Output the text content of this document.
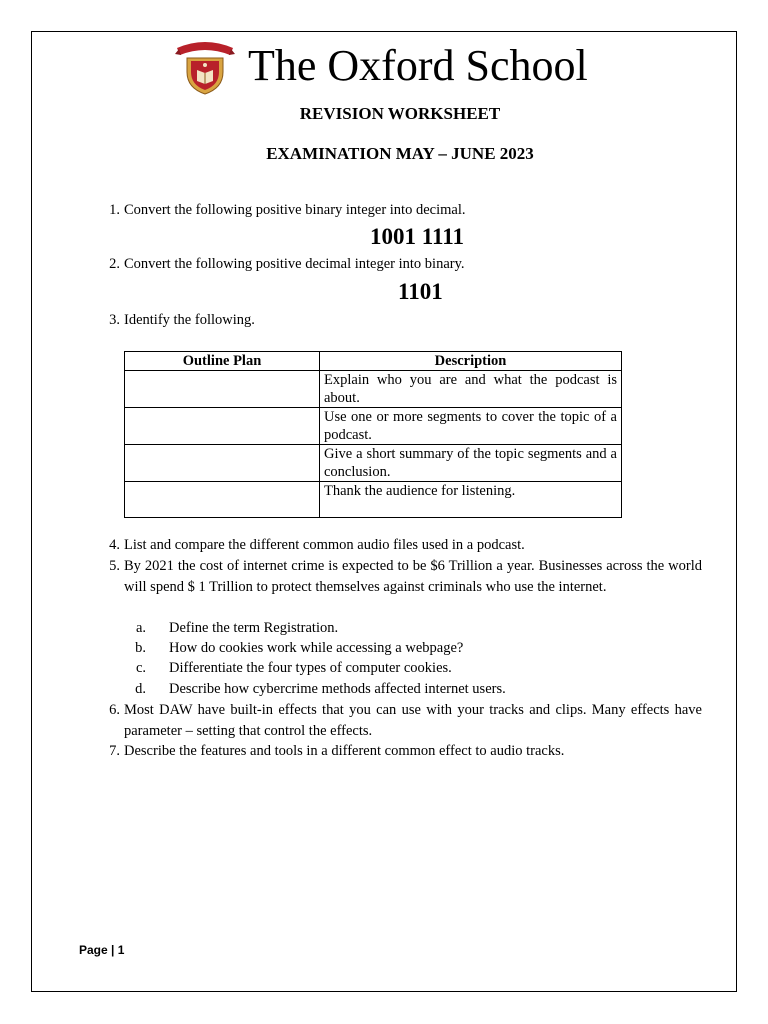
The Oxford School
REVISION WORKSHEET
EXAMINATION MAY – JUNE 2023
1. Convert the following positive binary integer into decimal.
1001 1111
2. Convert the following positive decimal integer into binary.
1101
3. Identify the following.
Outline Plan	Description
	Explain who you are and what the podcast is about.
	Use one or more segments to cover the topic of a podcast.
	Give a short summary of the topic segments and a conclusion.
	Thank the audience for listening.
4. List and compare the different common audio files used in a podcast.
5. By 2021 the cost of internet crime is expected to be $6 Trillion a year. Businesses across the world will spend $ 1 Trillion to protect themselves against criminals who use the internet.
a. Define the term Registration.
b. How do cookies work while accessing a webpage?
c. Differentiate the four types of computer cookies.
d. Describe how cybercrime methods affected internet users.
6. Most DAW have built-in effects that you can use with your tracks and clips. Many effects have parameter – setting that control the effects.
7. Describe the features and tools in a different common effect to audio tracks.
Page | 1
